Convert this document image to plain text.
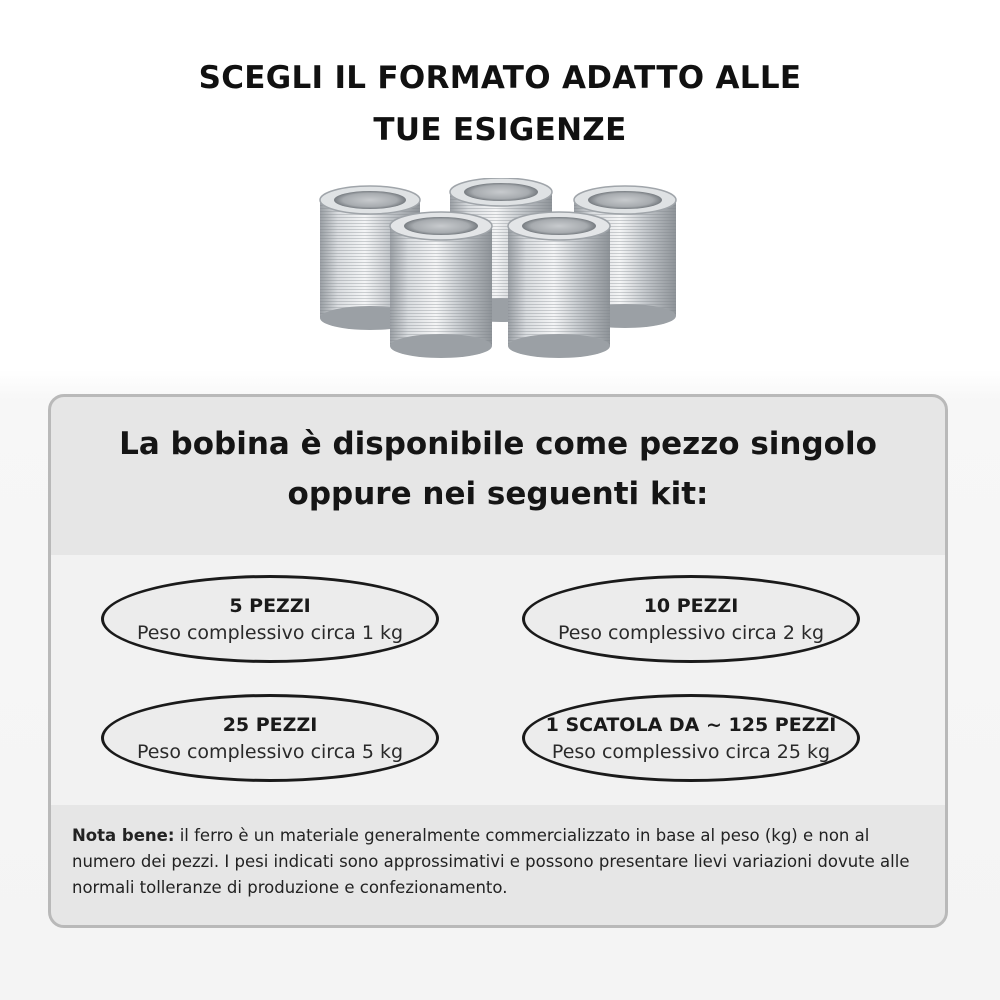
SCEGLI IL FORMATO ADATTO ALLE
TUE ESIGENZE
La bobina è disponibile come pezzo singolo
oppure nei seguenti kit:
5 PEZZI
Peso complessivo circa 1 kg
10 PEZZI
Peso complessivo circa 2 kg
25 PEZZI
Peso complessivo circa 5 kg
1 SCATOLA DA ~ 125 PEZZI
Peso complessivo circa 25 kg
Nota bene: il ferro è un materiale generalmente commercializzato in base al peso (kg) e non al numero dei pezzi. I pesi indicati sono approssimativi e possono presentare lievi variazioni dovute alle normali tolleranze di produzione e confezionamento.
